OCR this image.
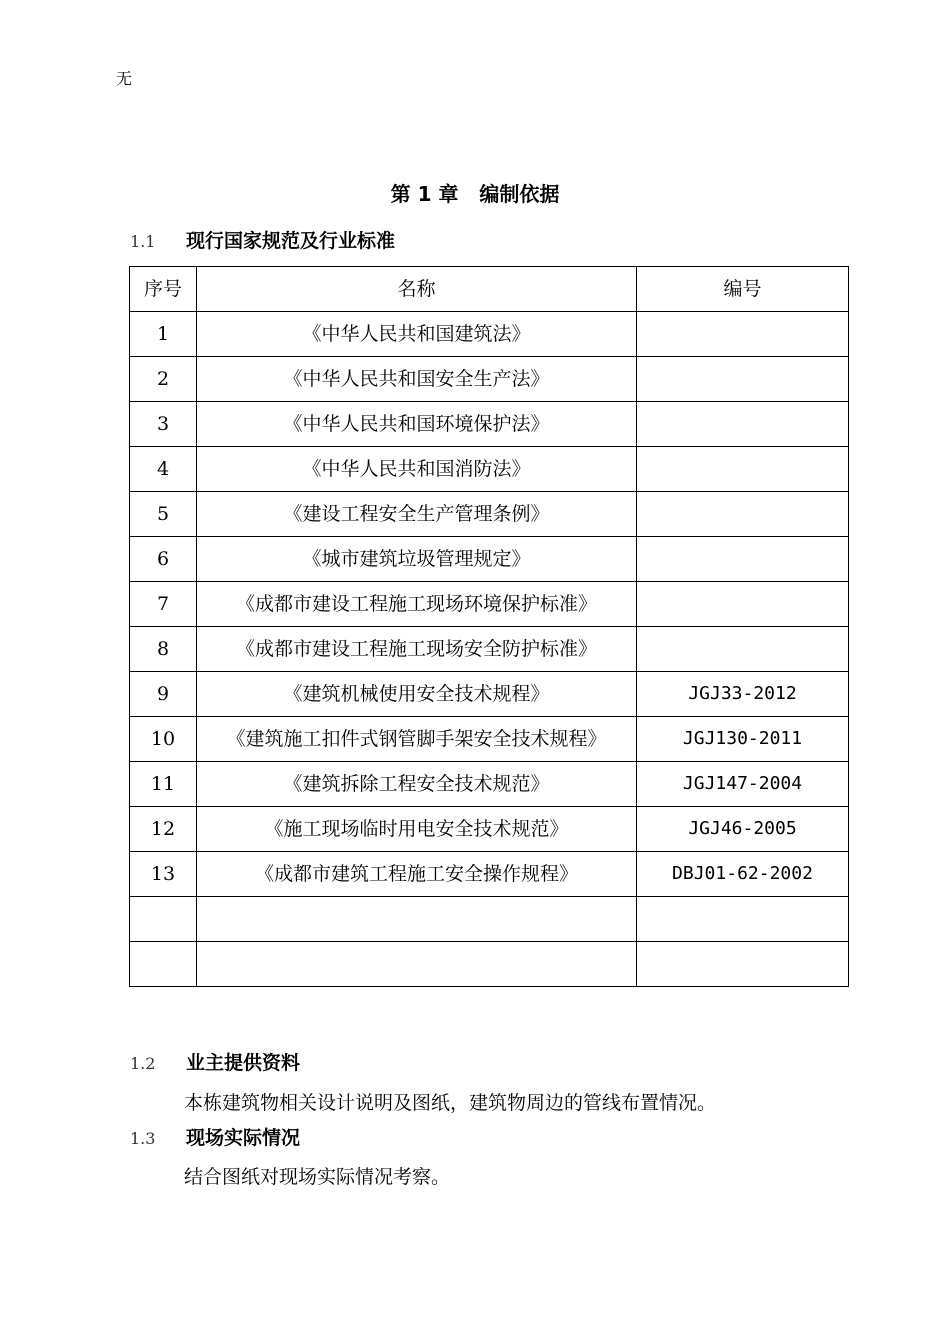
无
第 1 章   编制依据
1.1 现行国家规范及行业标准
序号	名称	编号
1	《中华人民共和国建筑法》	
2	《中华人民共和国安全生产法》	
3	《中华人民共和国环境保护法》	
4	《中华人民共和国消防法》	
5	《建设工程安全生产管理条例》	
6	《城市建筑垃圾管理规定》	
7	《成都市建设工程施工现场环境保护标准》	
8	《成都市建设工程施工现场安全防护标准》	
9	《建筑机械使用安全技术规程》	JGJ33-2012
10	《建筑施工扣件式钢管脚手架安全技术规程》	JGJ130-2011
11	《建筑拆除工程安全技术规范》	JGJ147-2004
12	《施工现场临时用电安全技术规范》	JGJ46-2005
13	《成都市建筑工程施工安全操作规程》	DBJ01-62-2002

1.2 业主提供资料
本栋建筑物相关设计说明及图纸，建筑物周边的管线布置情况。
1.3 现场实际情况
结合图纸对现场实际情况考察。
